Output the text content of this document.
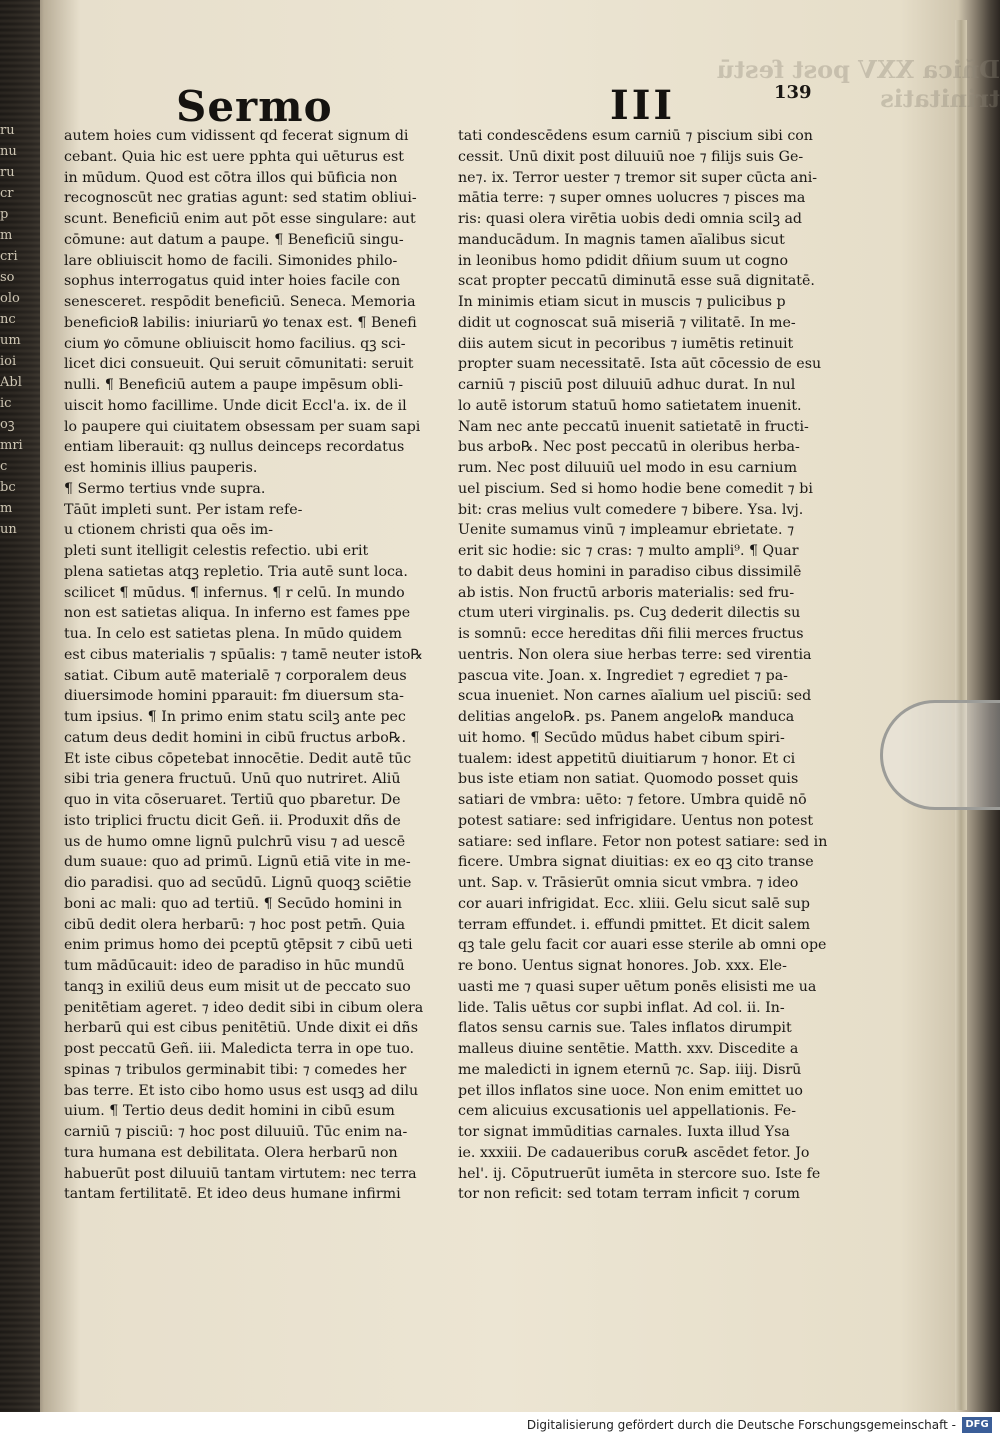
ru
nu
ru
cr
p
m
cri
so
olo
nc
um
ioi
Abl
ic
oꝫ
mri
c
bc
m
un
Dñica XXV post festū trinitatis
Sermo	III	139
autem hoies cum vidissent qd fecerat signum di
cebant. Quia hic est uere pphta qui uēturus est
in mūdum. Quod est cōtra illos qui būficia non
recognoscūt nec gratias agunt: sed statim obliui-
scunt. Beneficiū enim aut pōt esse singulare: aut
cōmune: aut datum a paupe. ¶ Beneficiū singu-
lare obliuiscit homo de facili. Simonides philo-
sophus interrogatus quid inter hoies facile con
senesceret. respōdit beneficiū. Seneca. Memoria
beneficio℞ labilis: iniuriarū ꝟo tenax est. ¶ Benefi
cium ꝟo cōmune obliuiscit homo facilius. qꝫ sci-
licet dici consueuit. Qui seruit cōmunitati: seruit
nulli. ¶ Beneficiū autem a paupe impēsum obli-
uiscit homo facillime. Unde dicit Eccl'a. ix. de il
lo paupere qui ciuitatem obsessam per suam sapi
entiam liberauit: qꝫ nullus deinceps recordatus
est hominis illius pauperis.
¶ Sermo tertius vnde supra.
Tāūt impleti sunt. Per istam refe-
u ctionem christi qua oēs im-
pleti sunt itelligit celestis refectio. ubi erit
plena satietas atqꝫ repletio. Tria autē sunt loca.
scilicet ¶ mūdus. ¶ infernus. ¶ r celū. In mundo
non est satietas aliqua. In inferno est fames ppe
tua. In celo est satietas plena. In mūdo quidem
est cibus materialis ⁊ spūalis: ⁊ tamē neuter isto℞
satiat. Cibum autē materialē ⁊ corporalem deus
diuersimode homini pparauit: fm diuersum sta-
tum ipsius. ¶ In primo enim statu scilꝫ ante pec
catum deus dedit homini in cibū fructus arbo℞.
Et iste cibus cōpetebat innocētie. Dedit autē tūc
sibi tria genera fructuū. Unū quo nutriret. Aliū
quo in vita cōseruaret. Tertiū quo pbaretur. De
isto triplici fructu dicit Geñ. ii. Produxit dñs de
us de humo omne lignū pulchrū visu ⁊ ad uescē
dum suaue: quo ad primū. Lignū etiā vite in me-
dio paradisi. quo ad secūdū. Lignū quoqꝫ sciētie
boni ac mali: quo ad tertiū. ¶ Secūdo homini in
cibū dedit olera herbarū: ⁊ hoc post petm̄. Quia
enim primus homo dei pceptū ꝯtēpsit ⁊ cibū ueti
tum mādūcauit: ideo de paradiso in hūc mundū
tanqꝫ in exiliū deus eum misit ut de peccato suo
penitētiam ageret. ⁊ ideo dedit sibi in cibum olera
herbarū qui est cibus penitētiū. Unde dixit ei dñs
post peccatū Geñ. iii. Maledicta terra in ope tuo.
spinas ⁊ tribulos germinabit tibi: ⁊ comedes her
bas terre. Et isto cibo homo usus est usqꝫ ad dilu
uium. ¶ Tertio deus dedit homini in cibū esum
carniū ⁊ pisciū: ⁊ hoc post diluuiū. Tūc enim na-
tura humana est debilitata. Olera herbarū non
habuerūt post diluuiū tantam virtutem: nec terra
tantam fertilitatē. Et ideo deus humane infirmi
tati condescēdens esum carniū ⁊ piscium sibi con
cessit. Unū dixit post diluuiū noe ⁊ filijs suis Ge-
ne⁊. ix. Terror uester ⁊ tremor sit super cūcta ani-
mātia terre: ⁊ super omnes uolucres ⁊ pisces ma
ris: quasi olera virētia uobis dedi omnia scilꝫ ad
manducādum. In magnis tamen aīalibus sicut
in leonibus homo pdidit dñium suum ut cogno
scat propter peccatū diminutā esse suā dignitatē.
In minimis etiam sicut in muscis ⁊ pulicibus p
didit ut cognoscat suā miseriā ⁊ vilitatē. In me-
diis autem sicut in pecoribus ⁊ iumētis retinuit
propter suam necessitatē. Ista aūt cōcessio de esu
carniū ⁊ pisciū post diluuiū adhuc durat. In nul
lo autē istorum statuū homo satietatem inuenit.
Nam nec ante peccatū inuenit satietatē in fructi-
bus arbo℞. Nec post peccatū in oleribus herba-
rum. Nec post diluuiū uel modo in esu carnium
uel piscium. Sed si homo hodie bene comedit ⁊ bi
bit: cras melius vult comedere ⁊ bibere. Ysa. lvj.
Uenite sumamus vinū ⁊ impleamur ebrietate. ⁊
erit sic hodie: sic ⁊ cras: ⁊ multo ampli⁹. ¶ Quar
to dabit deus homini in paradiso cibus dissimilē
ab istis. Non fructū arboris materialis: sed fru-
ctum uteri virginalis. ps. Cuꝫ dederit dilectis su
is somnū: ecce hereditas dñi filii merces fructus
uentris. Non olera siue herbas terre: sed virentia
pascua vite. Joan. x. Ingrediet ⁊ egrediet ⁊ pa-
scua inueniet. Non carnes aīalium uel pisciū: sed
delitias angelo℞. ps. Panem angelo℞ manduca
uit homo. ¶ Secūdo mūdus habet cibum spiri-
tualem: idest appetitū diuitiarum ⁊ honor. Et ci
bus iste etiam non satiat. Quomodo posset quis
satiari de vmbra: uēto: ⁊ fetore. Umbra quidē nō
potest satiare: sed infrigidare. Uentus non potest
satiare: sed inflare. Fetor non potest satiare: sed in
ficere. Umbra signat diuitias: ex eo qꝫ cito transe
unt. Sap. v. Trāsierūt omnia sicut vmbra. ⁊ ideo
cor auari infrigidat. Ecc. xliii. Gelu sicut salē sup
terram effundet. i. effundi pmittet. Et dicit salem
qꝫ tale gelu facit cor auari esse sterile ab omni ope
re bono. Uentus signat honores. Job. xxx. Ele-
uasti me ⁊ quasi super uētum ponēs elisisti me ua
lide. Talis uētus cor supbi inflat. Ad col. ii. In-
flatos sensu carnis sue. Tales inflatos dirumpit
malleus diuine sentētie. Matth. xxv. Discedite a
me maledicti in ignem eternū ⁊c. Sap. iiij. Disrū
pet illos inflatos sine uoce. Non enim emittet uo
cem alicuius excusationis uel appellationis. Fe-
tor signat immūditias carnales. Iuxta illud Ysa
ie. xxxiii. De cadaueribus coru℞ ascēdet fetor. Jo
hel'. ij. Cōputruerūt iumēta in stercore suo. Iste fe
tor non reficit: sed totam terram inficit ⁊ corum
Digitalisierung gefördert durch die Deutsche Forschungsgemeinschaft - DFG
